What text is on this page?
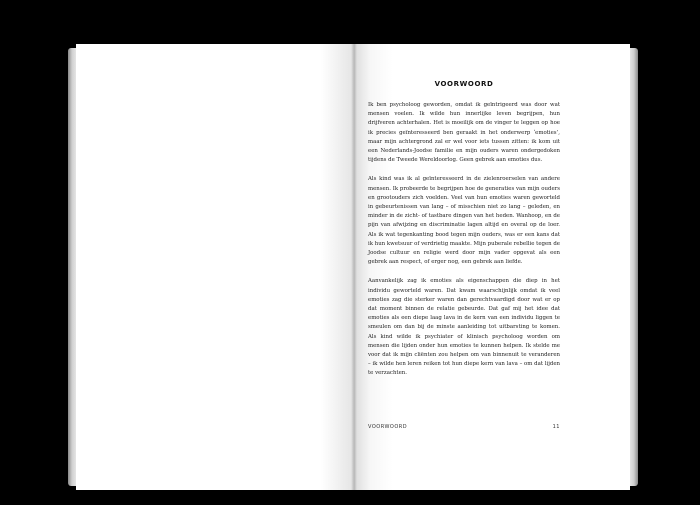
VOORWOORD

Ik ben psycholoog geworden, omdat ik geïntrigeerd was door wat mensen voelen. Ik wilde hun innerlijke leven begrijpen, hun drijfveren achterhalen. Het is moeilijk om de vinger te leggen op hoe ik precies geïnteresseerd ben geraakt in het onderwerp ‘emoties’, maar mijn achtergrond zal er wel voor iets tussen zitten: ik kom uit een Nederlands-Joodse familie en mijn ouders waren ondergedoken tijdens de Tweede Wereldoorlog. Geen gebrek aan emoties dus.

Als kind was ik al geïnteresseerd in de zielenroerselen van andere mensen. Ik probeerde te begrijpen hoe de generaties van mijn ouders en grootouders zich voelden. Veel van hun emoties waren geworteld in gebeurtenissen van lang – of misschien niet zo lang – geleden, en minder in de zicht- of tastbare dingen van het heden. Wanhoop, en de pijn van afwijzing en discriminatie lagen altijd en overal op de loer. Als ik wat tegenkanting bood tegen mijn ouders, was er een kans dat ik hun kwetsuur of verdrietig maakte. Mijn puberale rebellie tegen de Joodse cultuur en religie werd door mijn vader opgevat als een gebrek aan respect, of erger nog, een gebrek aan liefde.

Aanvankelijk zag ik emoties als eigenschappen die diep in het individu geworteld waren. Dat kwam waarschijnlijk omdat ik veel emoties zag die sterker waren dan gerechtvaardigd door wat er op dat moment binnen de relatie gebeurde. Dat gaf mij het idee dat emoties als een diepe laag lava in de kern van een individu liggen te smeulen om dan bij de minste aanleiding tot uitbarsting te komen. Als kind wilde ik psychiater of klinisch psycholoog worden om mensen die lijden onder hun emoties te kunnen helpen. Ik stelde me voor dat ik mijn cliënten zou helpen om van binnenuit te veranderen – ik wilde hen leren reiken tot hun diepe kern van lava – om dat lijden te verzachten.

VOORWOORD	11
